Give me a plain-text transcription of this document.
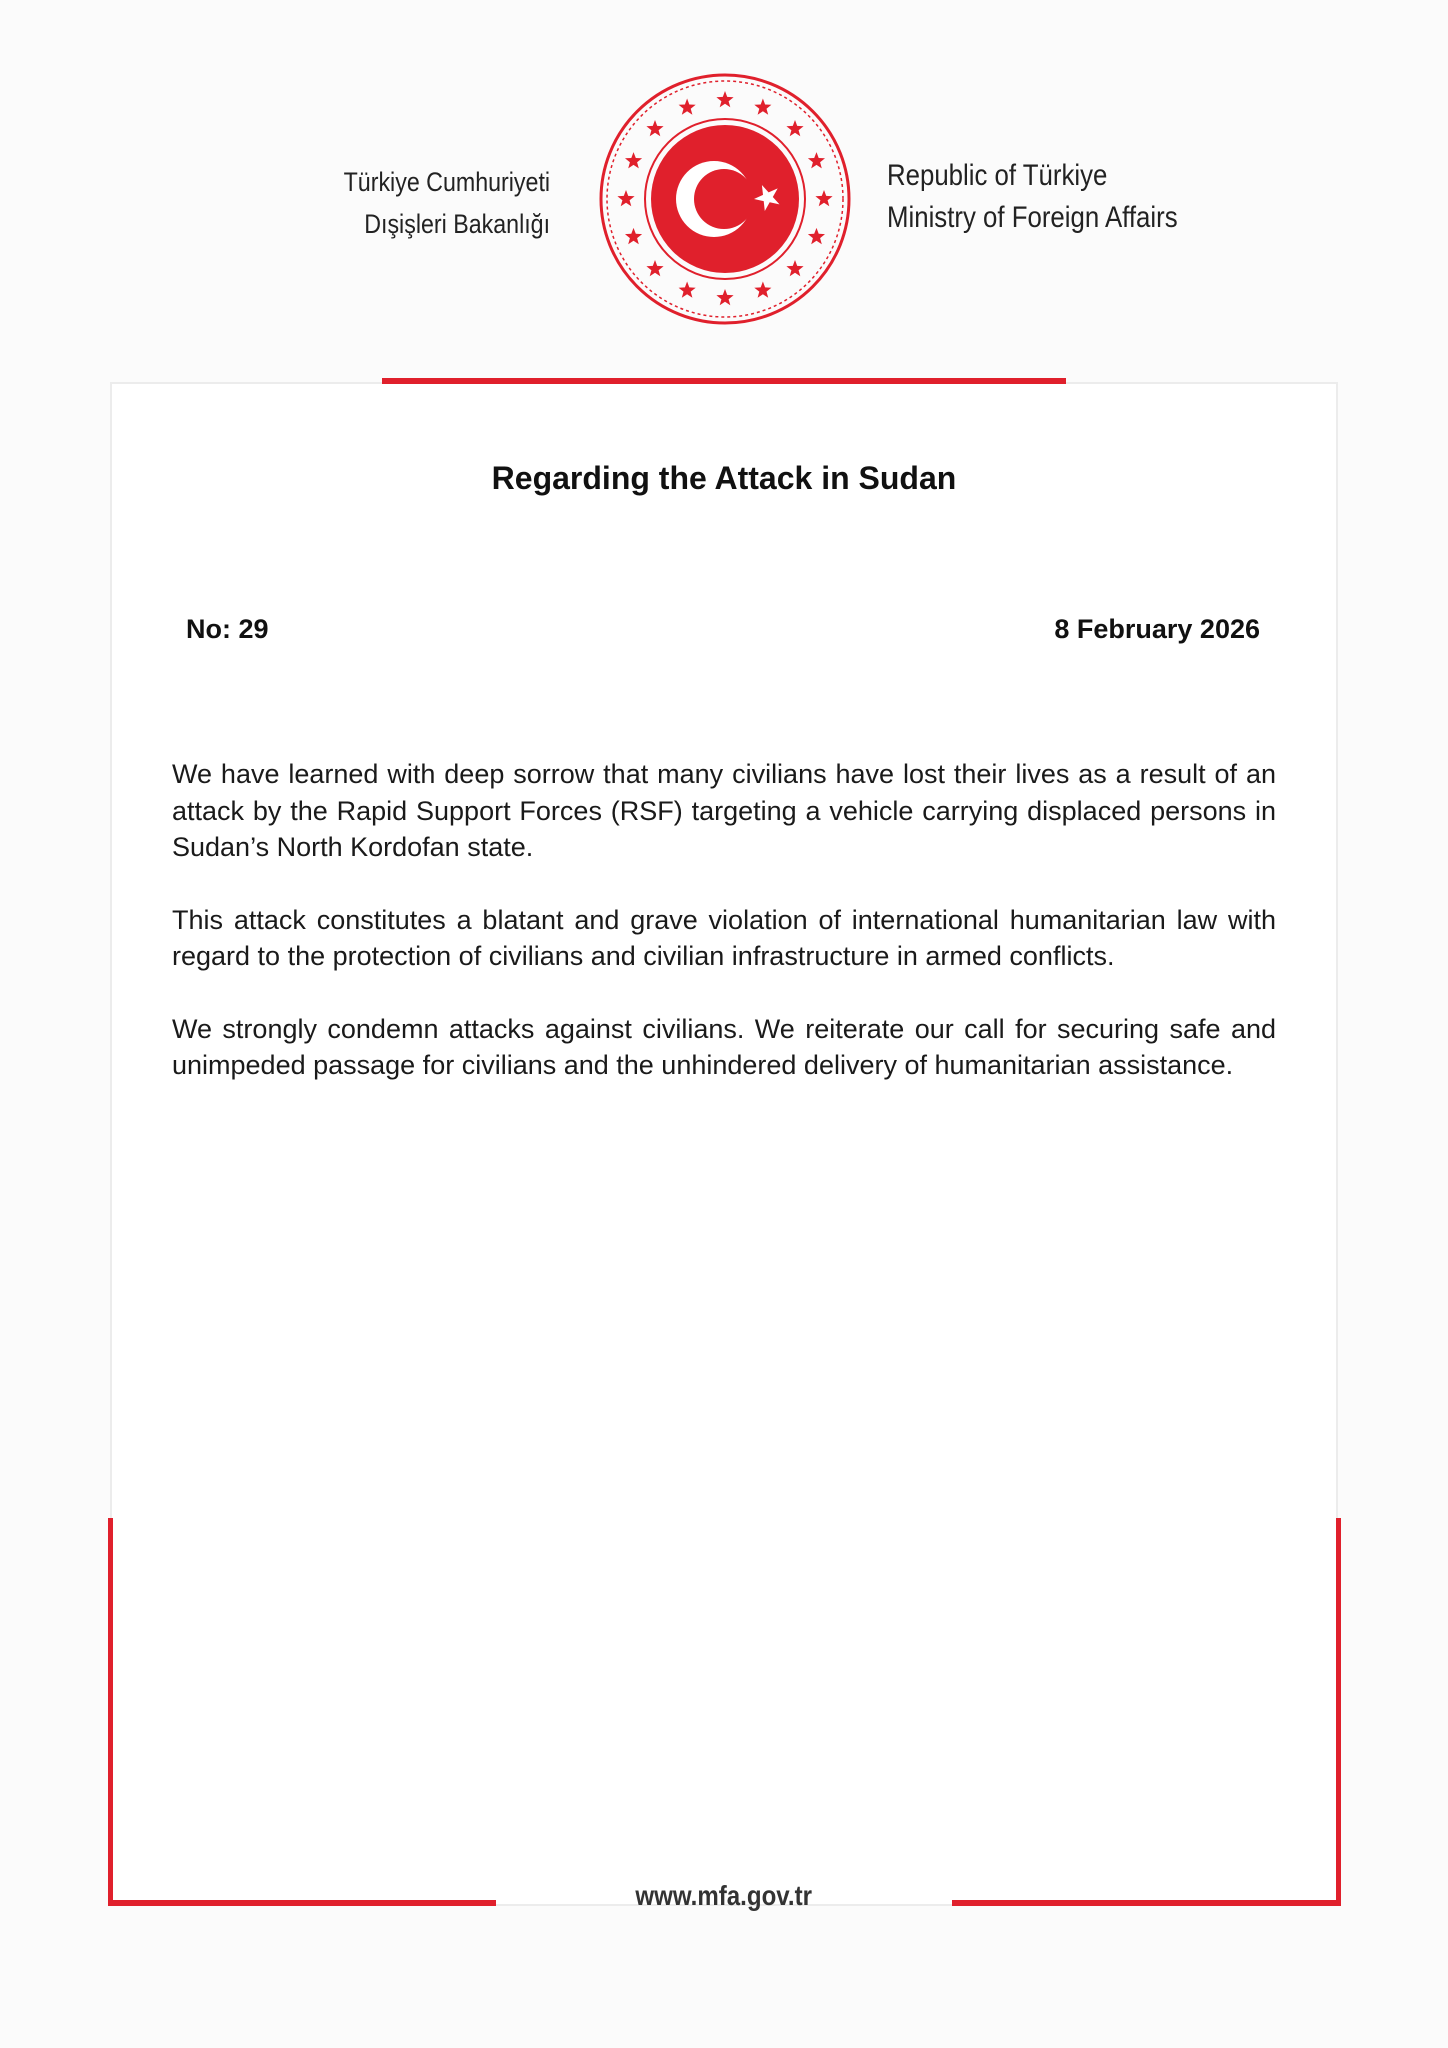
Türkiye Cumhuriyeti
Dışişleri Bakanlığı
Republic of Türkiye
Ministry of Foreign Affairs
Regarding the Attack in Sudan
No: 29	8 February 2026

We have learned with deep sorrow that many civilians have lost their lives as a result of an attack by the Rapid Support Forces (RSF) targeting a vehicle carrying displaced persons in Sudan’s North Kordofan state.

This attack constitutes a blatant and grave violation of international humanitarian law with regard to the protection of civilians and civilian infrastructure in armed conflicts.

We strongly condemn attacks against civilians. We reiterate our call for securing safe and unimpeded passage for civilians and the unhindered delivery of humanitarian assistance.

www.mfa.gov.tr
